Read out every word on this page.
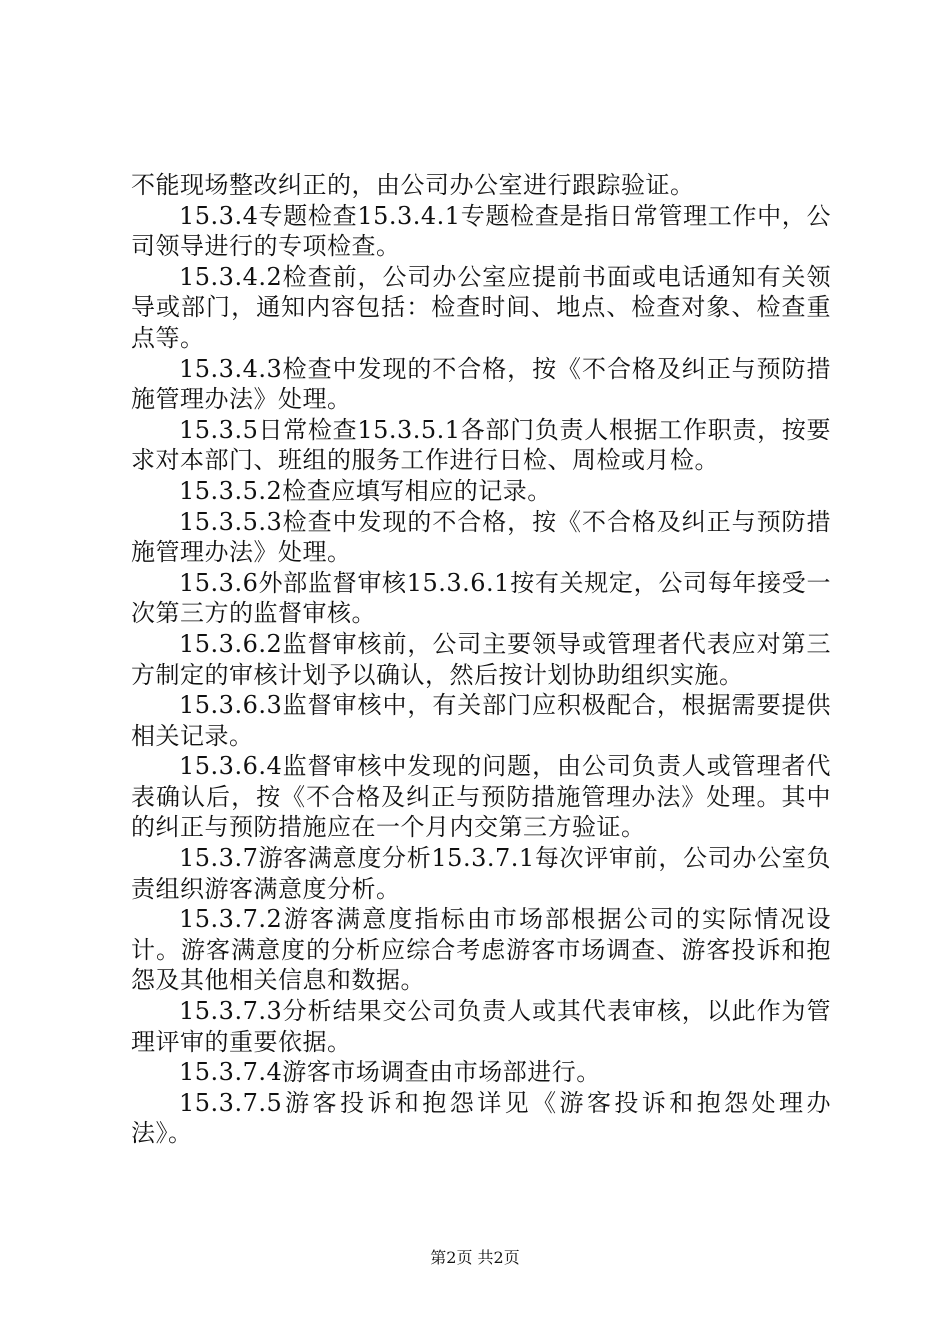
不能现场整改纠正的，由公司办公室进行跟踪验证。

15.3.4专题检查15.3.4.1专题检查是指日常管理工作中，公司领导进行的专项检查。

15.3.4.2检查前，公司办公室应提前书面或电话通知有关领导或部门，通知内容包括：检查时间、地点、检查对象、检查重点等。

15.3.4.3检查中发现的不合格，按《不合格及纠正与预防措施管理办法》处理。

15.3.5日常检查15.3.5.1各部门负责人根据工作职责，按要求对本部门、班组的服务工作进行日检、周检或月检。

15.3.5.2检查应填写相应的记录。

15.3.5.3检查中发现的不合格，按《不合格及纠正与预防措施管理办法》处理。

15.3.6外部监督审核15.3.6.1按有关规定，公司每年接受一次第三方的监督审核。

15.3.6.2监督审核前，公司主要领导或管理者代表应对第三方制定的审核计划予以确认，然后按计划协助组织实施。

15.3.6.3监督审核中，有关部门应积极配合，根据需要提供相关记录。

15.3.6.4监督审核中发现的问题，由公司负责人或管理者代表确认后，按《不合格及纠正与预防措施管理办法》处理。其中的纠正与预防措施应在一个月内交第三方验证。

15.3.7游客满意度分析15.3.7.1每次评审前，公司办公室负责组织游客满意度分析。

15.3.7.2游客满意度指标由市场部根据公司的实际情况设计。游客满意度的分析应综合考虑游客市场调查、游客投诉和抱怨及其他相关信息和数据。

15.3.7.3分析结果交公司负责人或其代表审核，以此作为管理评审的重要依据。

15.3.7.4游客市场调查由市场部进行。

15.3.7.5游客投诉和抱怨详见《游客投诉和抱怨处理办法》。

第2页 共2页
